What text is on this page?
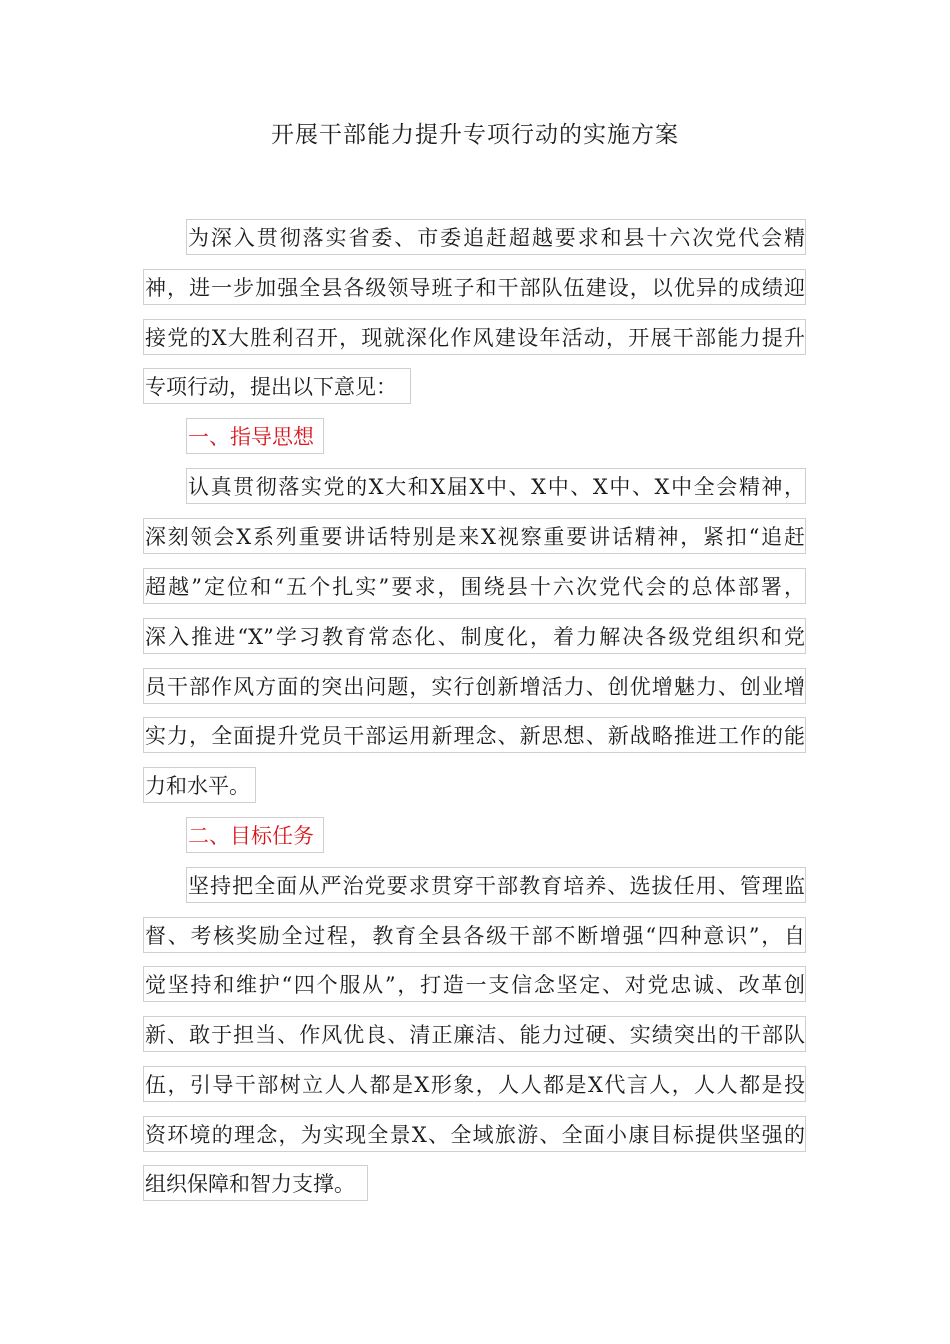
开展干部能力提升专项行动的实施方案
为深入贯彻落实省委、市委追赶超越要求和县十六次党代会精
神，进一步加强全县各级领导班子和干部队伍建设，以优异的成绩迎
接党的X大胜利召开，现就深化作风建设年活动，开展干部能力提升
专项行动，提出以下意见：
一、指导思想
认真贯彻落实党的X大和X届X中、X中、X中、X中全会精神，
深刻领会X系列重要讲话特别是来X视察重要讲话精神，紧扣“追赶
超越”定位和“五个扎实”要求，围绕县十六次党代会的总体部署，
深入推进“X”学习教育常态化、制度化，着力解决各级党组织和党
员干部作风方面的突出问题，实行创新增活力、创优增魅力、创业增
实力，全面提升党员干部运用新理念、新思想、新战略推进工作的能
力和水平。
二、目标任务
坚持把全面从严治党要求贯穿干部教育培养、选拔任用、管理监
督、考核奖励全过程，教育全县各级干部不断增强“四种意识”，自
觉坚持和维护“四个服从”，打造一支信念坚定、对党忠诚、改革创
新、敢于担当、作风优良、清正廉洁、能力过硬、实绩突出的干部队
伍，引导干部树立人人都是X形象，人人都是X代言人，人人都是投
资环境的理念，为实现全景X、全域旅游、全面小康目标提供坚强的
组织保障和智力支撑。
